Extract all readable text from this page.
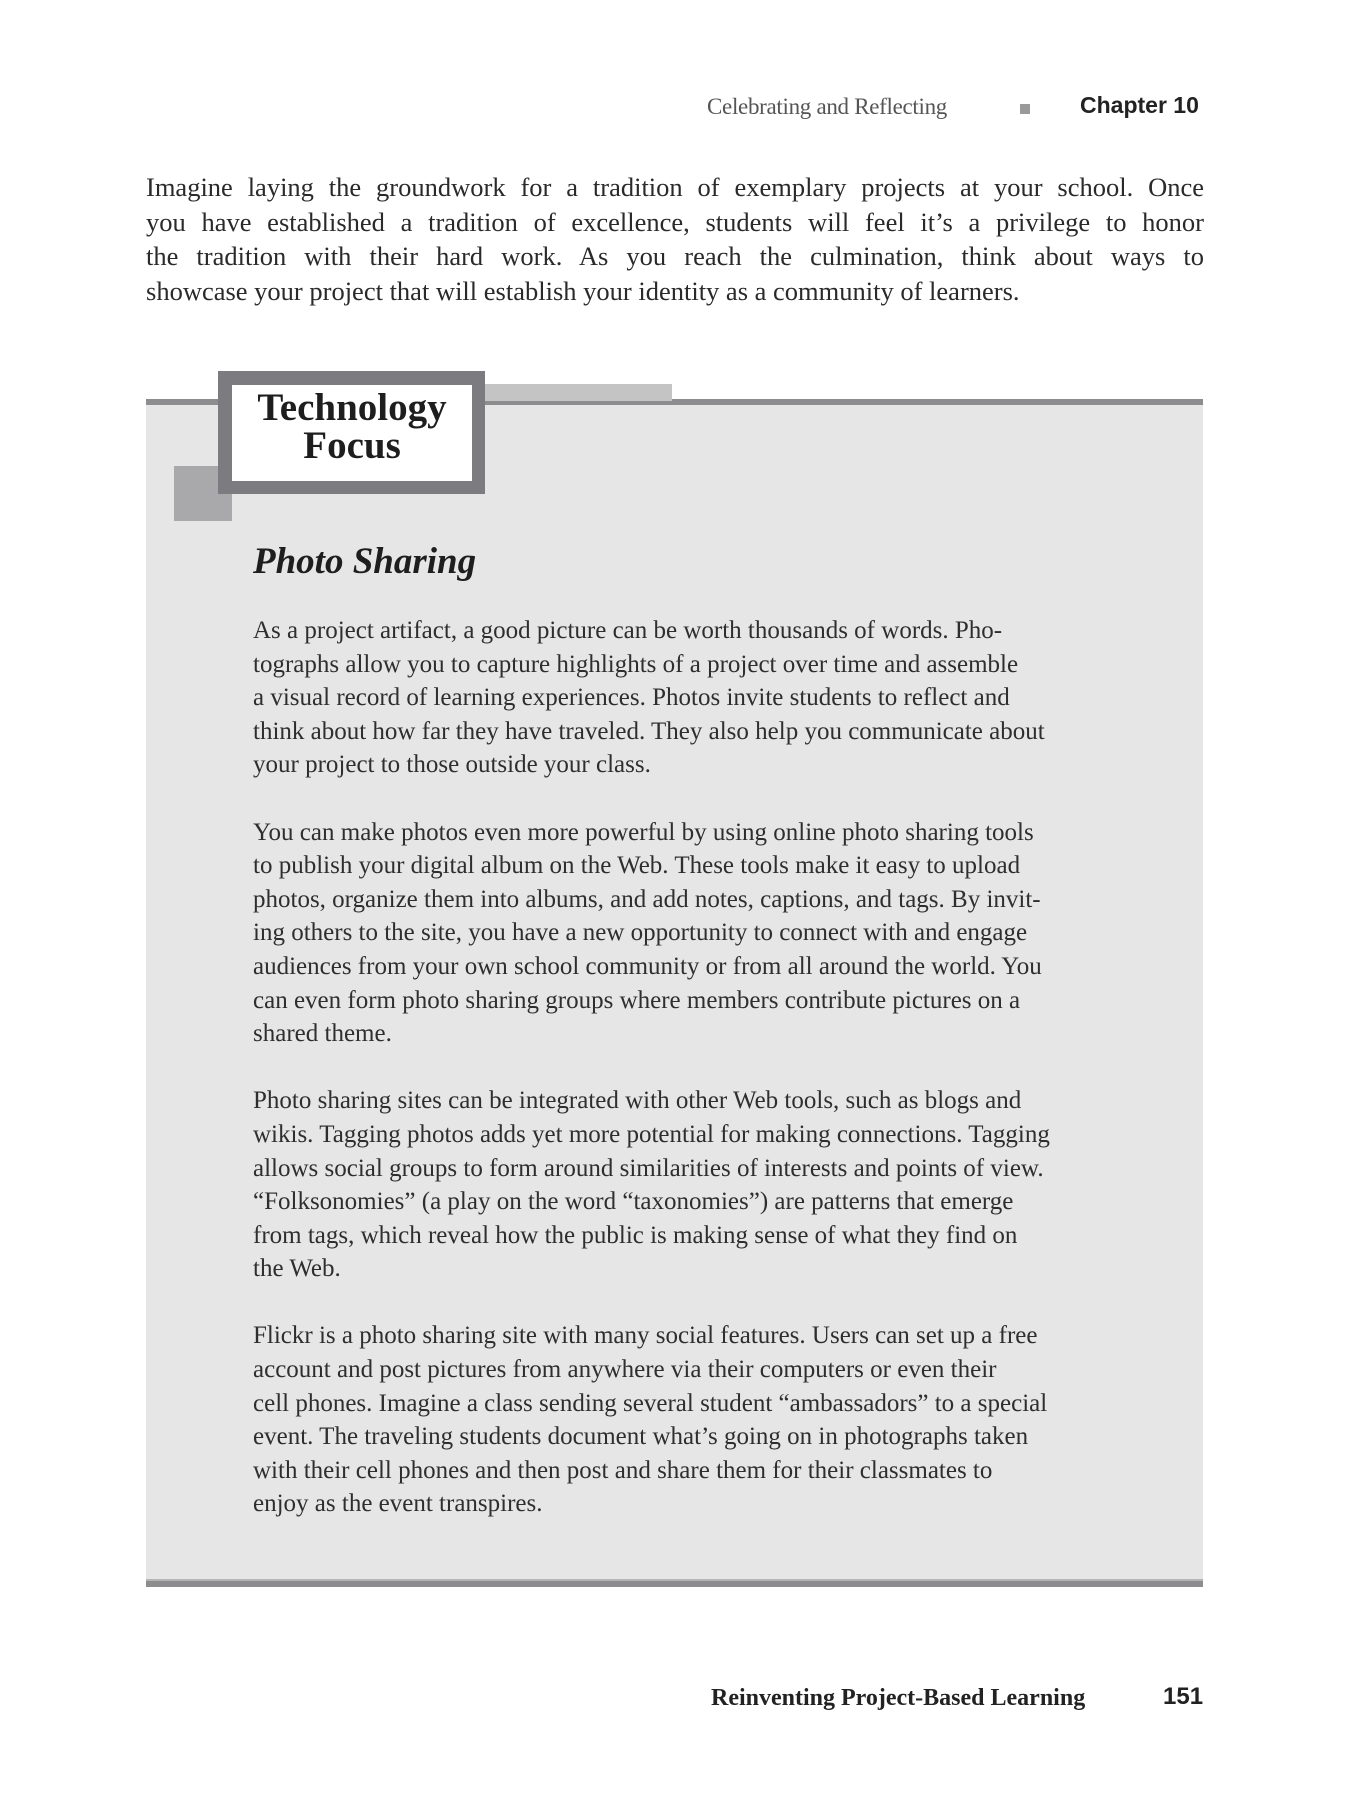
Celebrating and Reflecting	Chapter 10
Imagine laying the groundwork for a tradition of exemplary projects at your school. Once
you have established a tradition of excellence, students will feel it’s a privilege to honor
the tradition with their hard work. As you reach the culmination, think about ways to
showcase your project that will establish your identity as a community of learners.
Technology
Focus
Photo Sharing
As a project artifact, a good picture can be worth thousands of words. Pho-
tographs allow you to capture highlights of a project over time and assemble
a visual record of learning experiences. Photos invite students to reflect and
think about how far they have traveled. They also help you communicate about
your project to those outside your class.
You can make photos even more powerful by using online photo sharing tools
to publish your digital album on the Web. These tools make it easy to upload
photos, organize them into albums, and add notes, captions, and tags. By invit-
ing others to the site, you have a new opportunity to connect with and engage
audiences from your own school community or from all around the world. You
can even form photo sharing groups where members contribute pictures on a
shared theme.
Photo sharing sites can be integrated with other Web tools, such as blogs and
wikis. Tagging photos adds yet more potential for making connections. Tagging
allows social groups to form around similarities of interests and points of view.
“Folksonomies” (a play on the word “taxonomies”) are patterns that emerge
from tags, which reveal how the public is making sense of what they find on
the Web.
Flickr is a photo sharing site with many social features. Users can set up a free
account and post pictures from anywhere via their computers or even their
cell phones. Imagine a class sending several student “ambassadors” to a special
event. The traveling students document what’s going on in photographs taken
with their cell phones and then post and share them for their classmates to
enjoy as the event transpires.
Reinventing Project-Based Learning	151
